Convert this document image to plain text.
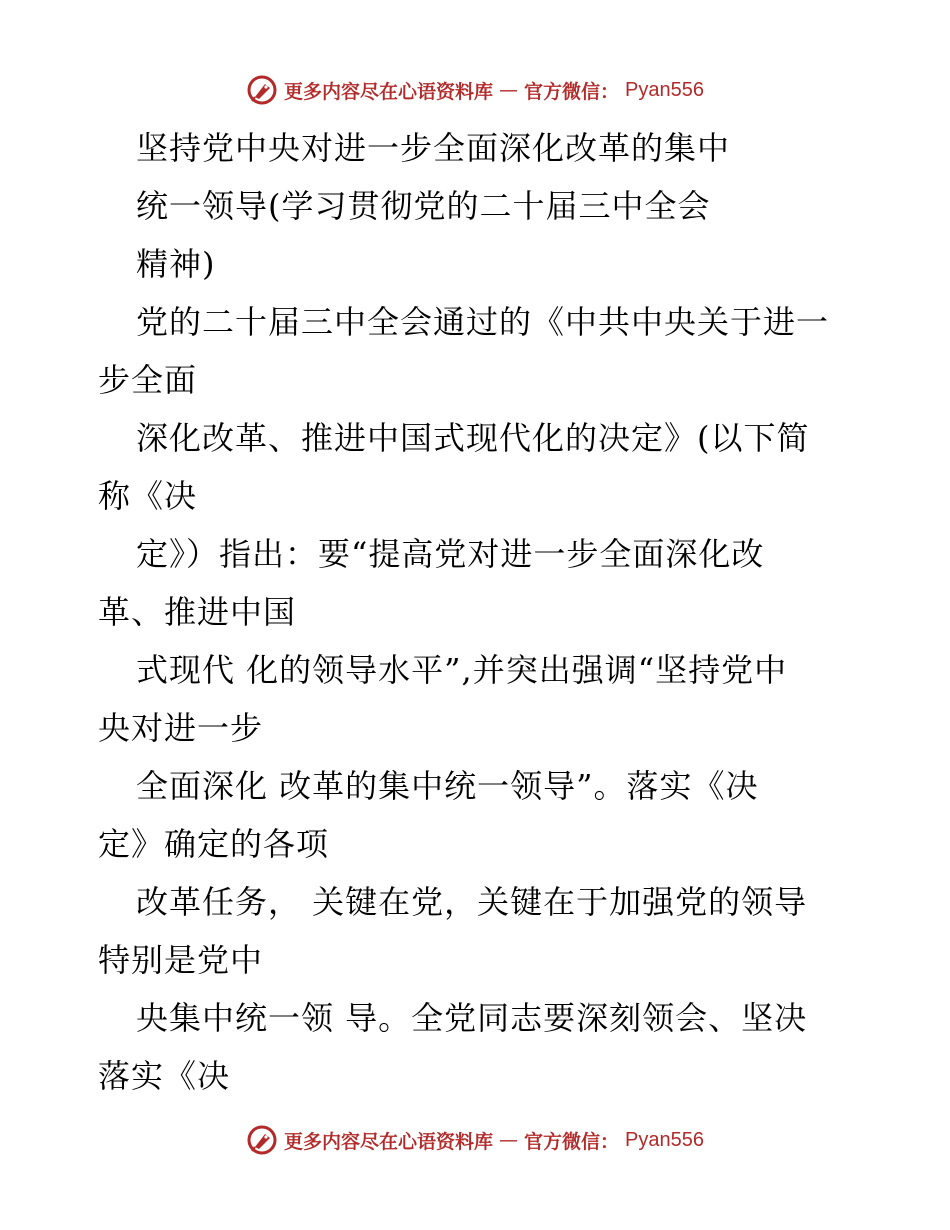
更多内容尽在心语资料库 — 官方微信： Pyan556
坚持党中央对进一步全面深化改革的集中
统一领导(学习贯彻党的二十届三中全会
精神)
党的二十届三中全会通过的《中共中央关于进一
步全面
深化改革、推进中国式现代化的决定》(以下简
称《决
定》）指出：要“提高党对进一步全面深化改
革、推进中国
式现代 化的领导水平”,并突出强调“坚持党中
央对进一步
全面深化 改革的集中统一领导”。落实《决
定》确定的各项
改革任务， 关键在党，关键在于加强党的领导
特别是党中
央集中统一领 导。全党同志要深刻领会、坚决
落实《决
更多内容尽在心语资料库 — 官方微信： Pyan556
